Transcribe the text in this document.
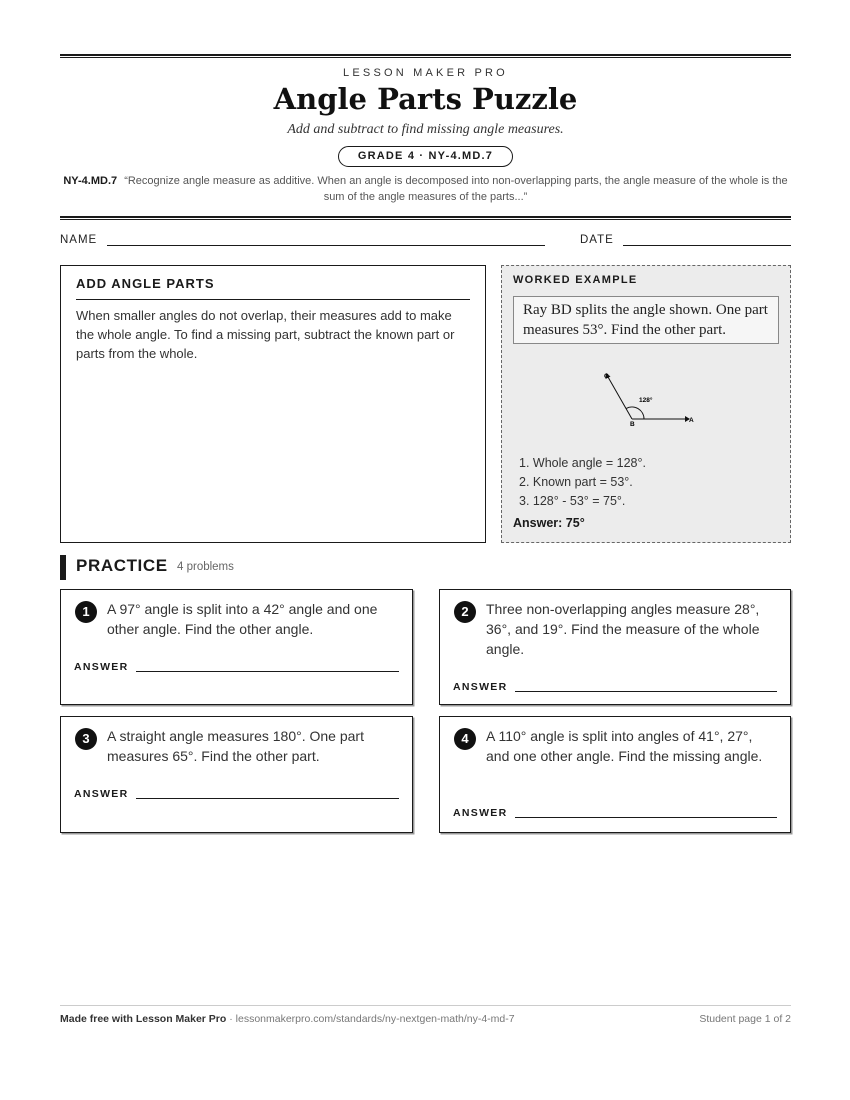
LESSON MAKER PRO
Angle Parts Puzzle
Add and subtract to find missing angle measures.
GRADE 4 · NY-4.MD.7
NY-4.MD.7 “Recognize angle measure as additive. When an angle is decomposed into non-overlapping parts, the angle measure of the whole is the sum of the angle measures of the parts...”
NAME	DATE
ADD ANGLE PARTS
When smaller angles do not overlap, their measures add to make the whole angle. To find a missing part, subtract the known part or parts from the whole.
WORKED EXAMPLE
Ray BD splits the angle shown. One part measures 53°. Find the other part.
C
B
A
128°
1. Whole angle = 128°.
2. Known part = 53°.
3. 128° - 53° = 75°.
Answer: 75°
PRACTICE 4 problems
1	A 97° angle is split into a 42° angle and one other angle. Find the other angle.
ANSWER
2	Three non-overlapping angles measure 28°, 36°, and 19°. Find the measure of the whole angle.
ANSWER
3	A straight angle measures 180°. One part measures 65°. Find the other part.
ANSWER
4	A 110° angle is split into angles of 41°, 27°, and one other angle. Find the missing angle.
ANSWER
Made free with Lesson Maker Pro · lessonmakerpro.com/standards/ny-nextgen-math/ny-4-md-7	Student page 1 of 2
